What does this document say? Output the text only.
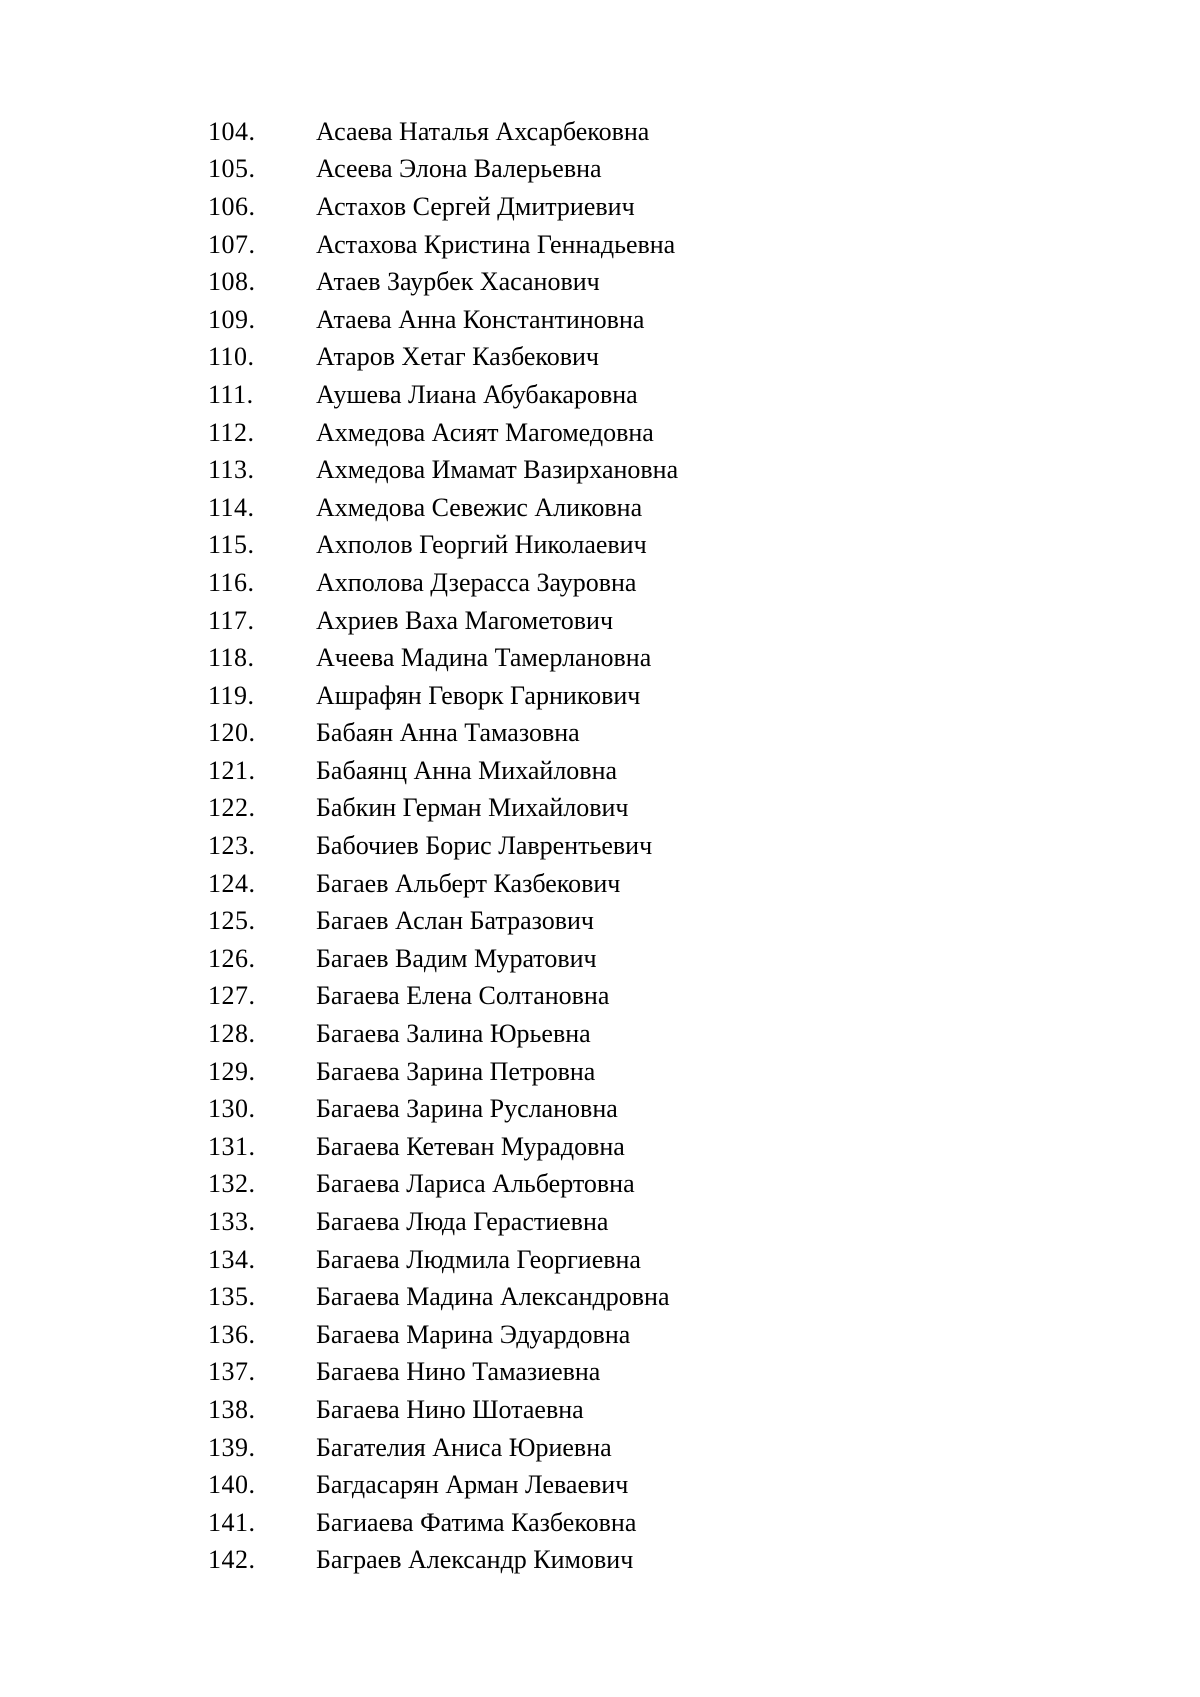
104.	Асаева Наталья Ахсарбековна
105.	Асеева Элона Валерьевна
106.	Астахов Сергей Дмитриевич
107.	Астахова Кристина Геннадьевна
108.	Атаев Заурбек Хасанович
109.	Атаева Анна Константиновна
110.	Атаров Хетаг Казбекович
111.	Аушева Лиана Абубакаровна
112.	Ахмедова Асият Магомедовна
113.	Ахмедова Имамат Вазирхановна
114.	Ахмедова Севежис Аликовна
115.	Ахполов Георгий Николаевич
116.	Ахполова Дзерасса Зауровна
117.	Ахриев Ваха Магометович
118.	Ачеева Мадина Тамерлановна
119.	Ашрафян Геворк Гарникович
120.	Бабаян Анна Тамазовна
121.	Бабаянц Анна Михайловна
122.	Бабкин Герман Михайлович
123.	Бабочиев Борис Лаврентьевич
124.	Багаев Альберт Казбекович
125.	Багаев Аслан Батразович
126.	Багаев Вадим Муратович
127.	Багаева Елена Солтановна
128.	Багаева Залина Юрьевна
129.	Багаева Зарина Петровна
130.	Багаева Зарина Руслановна
131.	Багаева Кетеван Мурадовна
132.	Багаева Лариса Альбертовна
133.	Багаева Люда Герастиевна
134.	Багаева Людмила Георгиевна
135.	Багаева Мадина Александровна
136.	Багаева Марина Эдуардовна
137.	Багаева Нино Тамазиевна
138.	Багаева Нино Шотаевна
139.	Багателия Аниса Юриевна
140.	Багдасарян Арман Леваевич
141.	Багиаева Фатима Казбековна
142.	Баграев Александр Кимович
